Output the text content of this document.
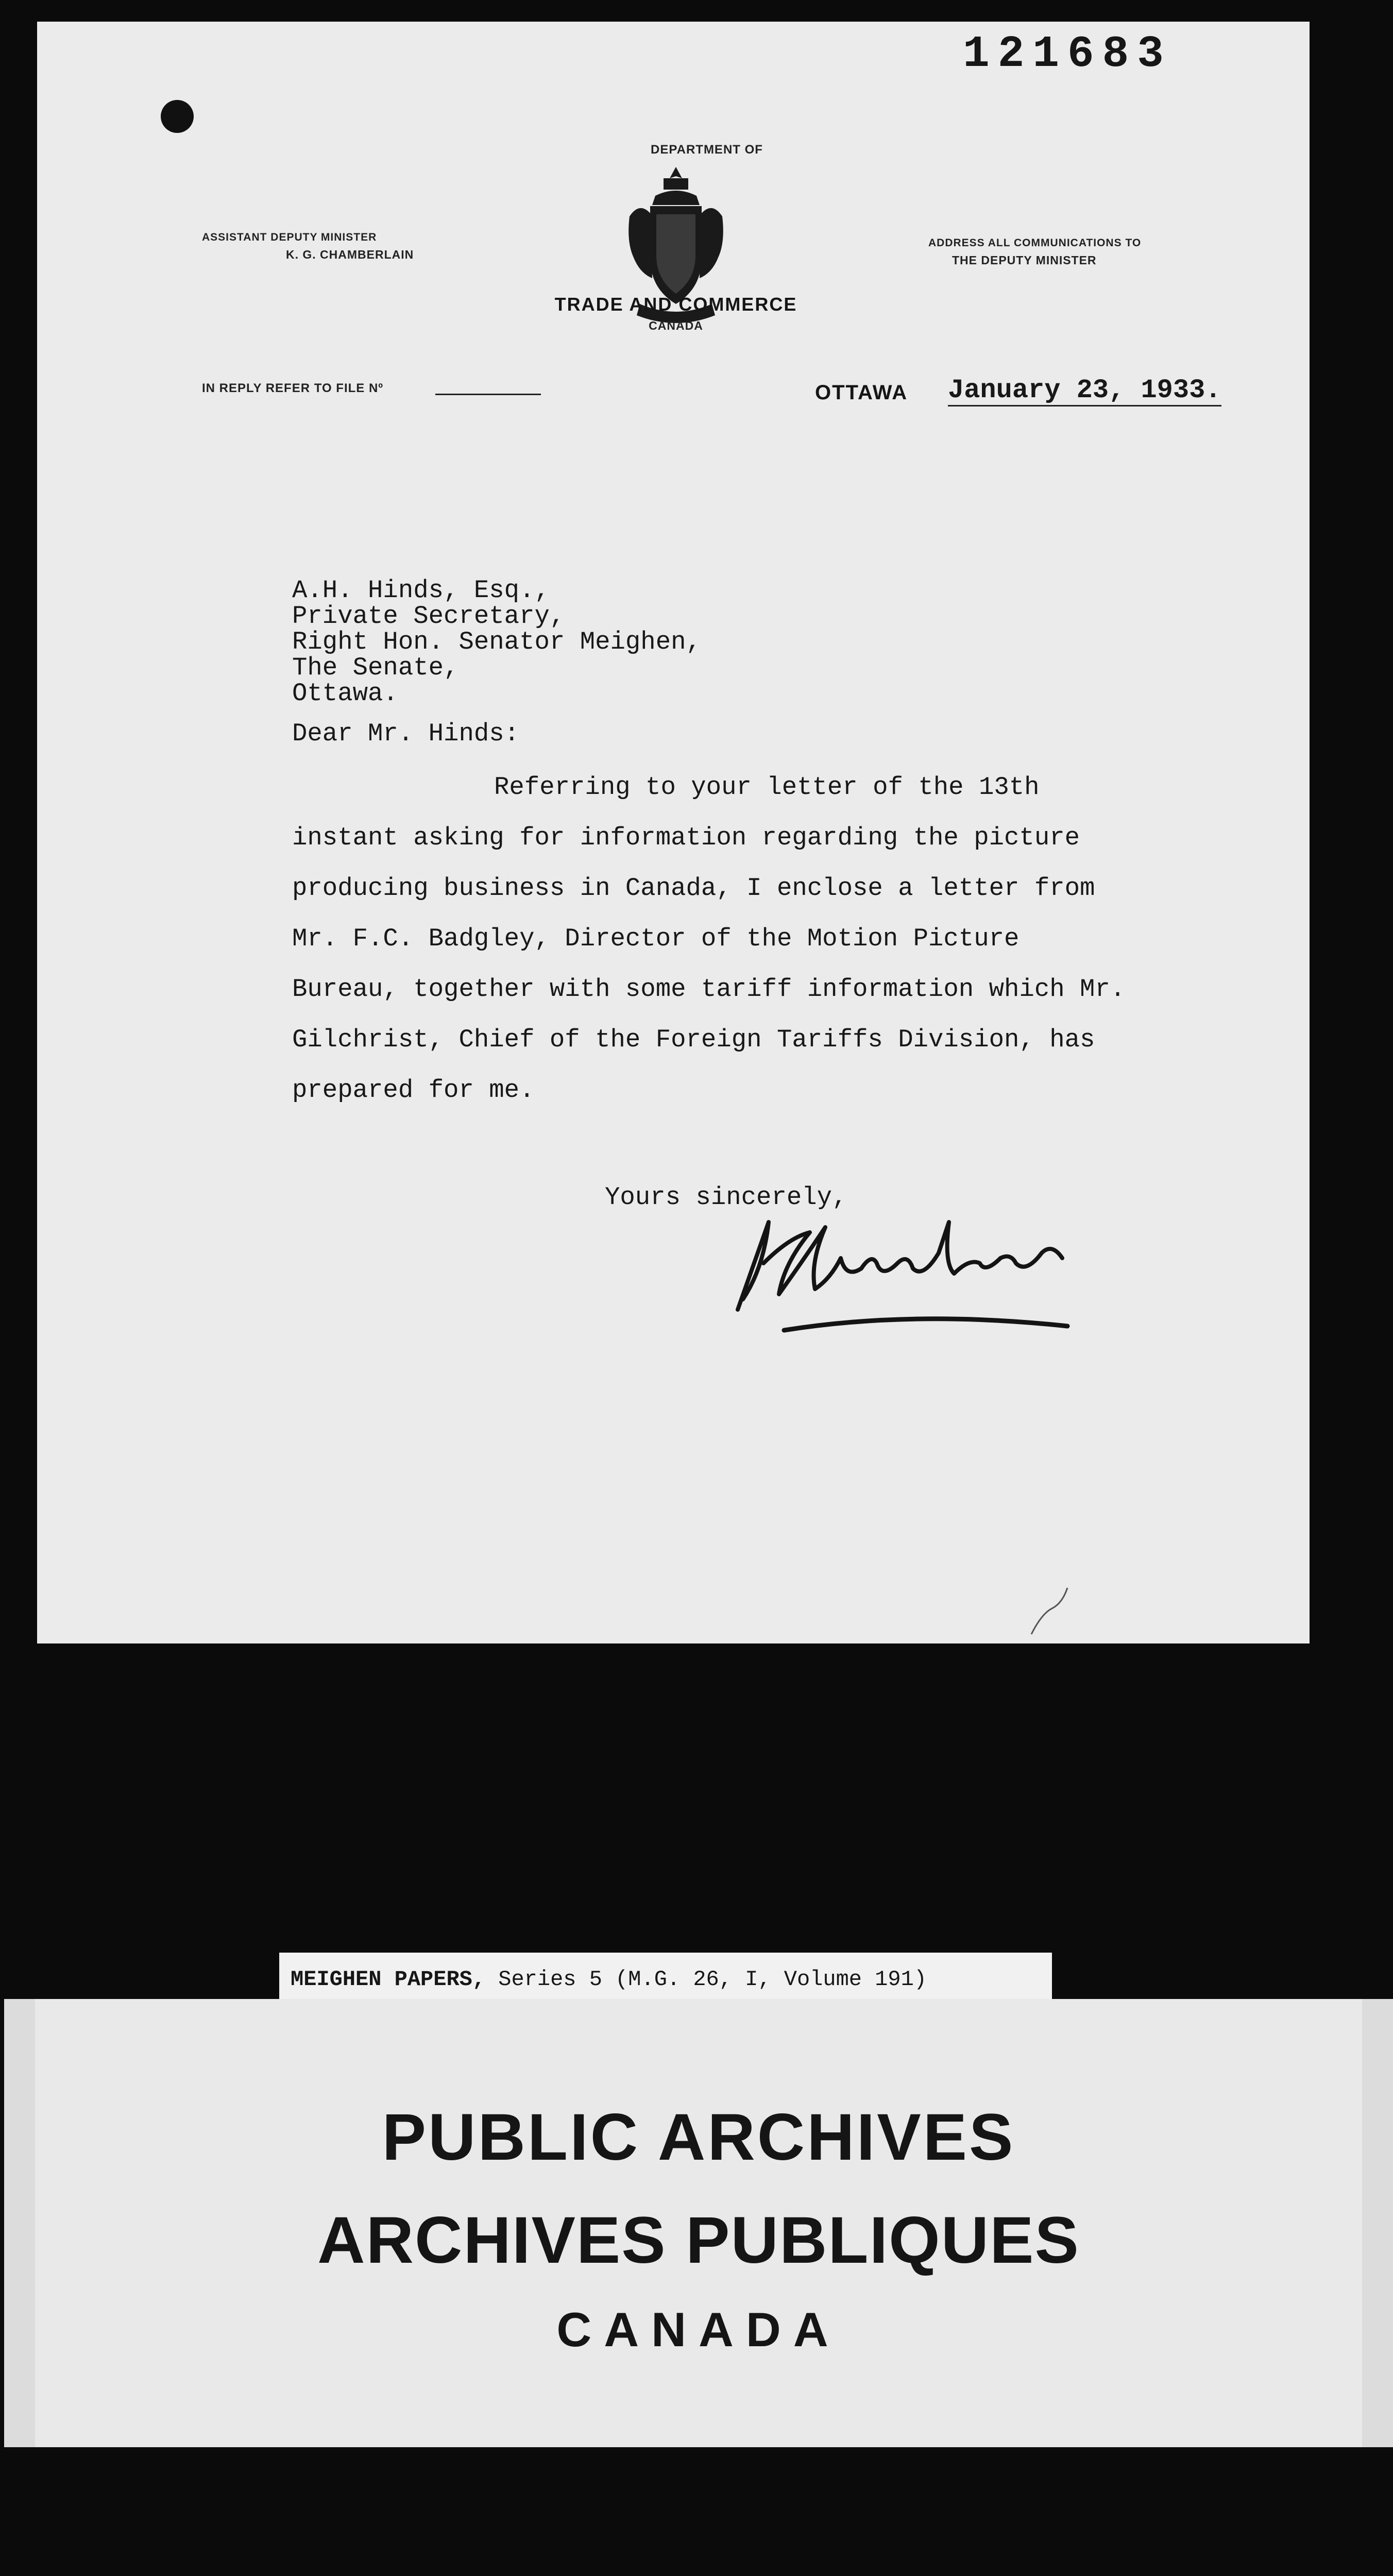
121683
DEPARTMENT OF
TRADE AND COMMERCE
CANADA
ASSISTANT DEPUTY MINISTER
K. G. CHAMBERLAIN
ADDRESS ALL COMMUNICATIONS TO
THE DEPUTY MINISTER
IN REPLY REFER TO FILE Nº	OTTAWA January 23, 1933.
A.H. Hinds, Esq.,
Private Secretary,
Right Hon. Senator Meighen,
The Senate,
Ottawa.
Dear Mr. Hinds:
Referring to your letter of the 13th
instant asking for information regarding the picture
producing business in Canada, I enclose a letter from
Mr. F.C. Badgley, Director of the Motion Picture
Bureau, together with some tariff information which Mr.
Gilchrist, Chief of the Foreign Tariffs Division, has
prepared for me.
Yours sincerely,
MEIGHEN PAPERS, Series 5 (M.G. 26, I, Volume 191)
PUBLIC ARCHIVES
ARCHIVES PUBLIQUES
CANADA
